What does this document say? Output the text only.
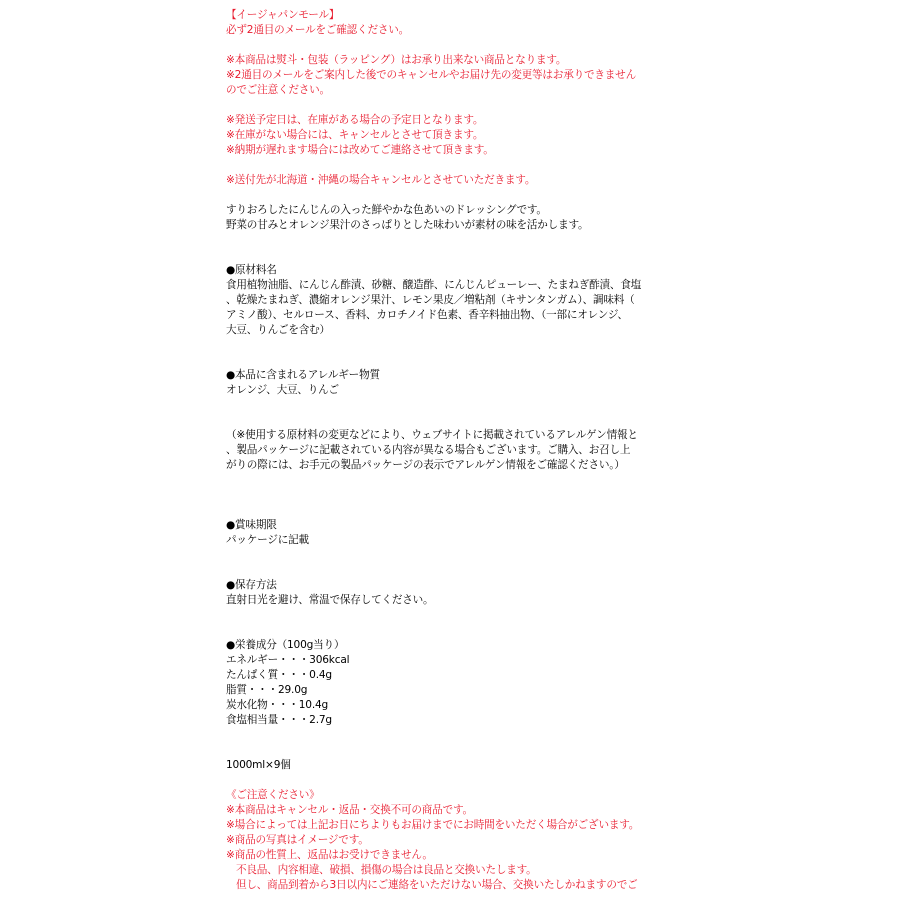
【イージャパンモール】
必ず2通目のメールをご確認ください。
※本商品は熨斗・包装（ラッピング）はお承り出来ない商品となります。
※2通目のメールをご案内した後でのキャンセルやお届け先の変更等はお承りできません
のでご注意ください。
※発送予定日は、在庫がある場合の予定日となります。
※在庫がない場合には、キャンセルとさせて頂きます。
※納期が遅れます場合には改めてご連絡させて頂きます。
※送付先が北海道・沖縄の場合キャンセルとさせていただきます。
すりおろしたにんじんの入った鮮やかな色あいのドレッシングです。
野菜の甘みとオレンジ果汁のさっぱりとした味わいが素材の味を活かします。
●原材料名
食用植物油脂、にんじん酢漬、砂糖、醸造酢、にんじんピューレー、たまねぎ酢漬、食塩
、乾燥たまねぎ、濃縮オレンジ果汁、レモン果皮／増粘剤（キサンタンガム）、調味料（
アミノ酸）、セルロース、香料、カロチノイド色素、香辛料抽出物、（一部にオレンジ、
大豆、りんごを含む）
●本品に含まれるアレルギー物質
オレンジ、大豆、りんご
（※使用する原材料の変更などにより、ウェブサイトに掲載されているアレルゲン情報と
、製品パッケージに記載されている内容が異なる場合もございます。ご購入、お召し上
がりの際には、お手元の製品パッケージの表示でアレルゲン情報をご確認ください。）
●賞味期限
パッケージに記載
●保存方法
直射日光を避け、常温で保存してください。
●栄養成分（100g当り）
エネルギー・・・306kcal
たんぱく質・・・0.4g
脂質・・・29.0g
炭水化物・・・10.4g
食塩相当量・・・2.7g
1000ml×9個
《ご注意ください》
※本商品はキャンセル・返品・交換不可の商品です。
※場合によっては上記お日にちよりもお届けまでにお時間をいただく場合がございます。
※商品の写真はイメージです。
※商品の性質上、返品はお受けできません。
不良品、内容相違、破損、損傷の場合は良品と交換いたします。
但し、商品到着から3日以内にご連絡をいただけない場合、交換いたしかねますのでご
